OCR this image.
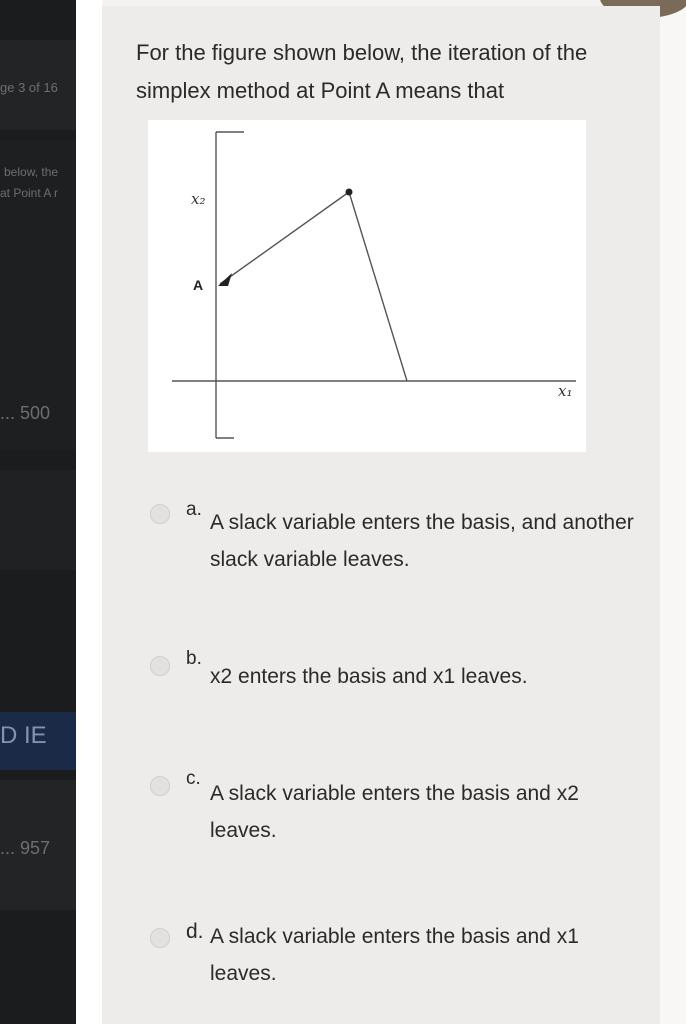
ge 3 of 16
below, the
at Point A r
... 500
D IE
... 957
For the figure shown below, the iteration of the simplex method at Point A means that
x₂
x₁
A
a.
A slack variable enters the basis, and another slack variable leaves.
b.
x2 enters the basis and x1 leaves.
c.
A slack variable enters the basis and x2 leaves.
d. A slack variable enters the basis and x1 leaves.
